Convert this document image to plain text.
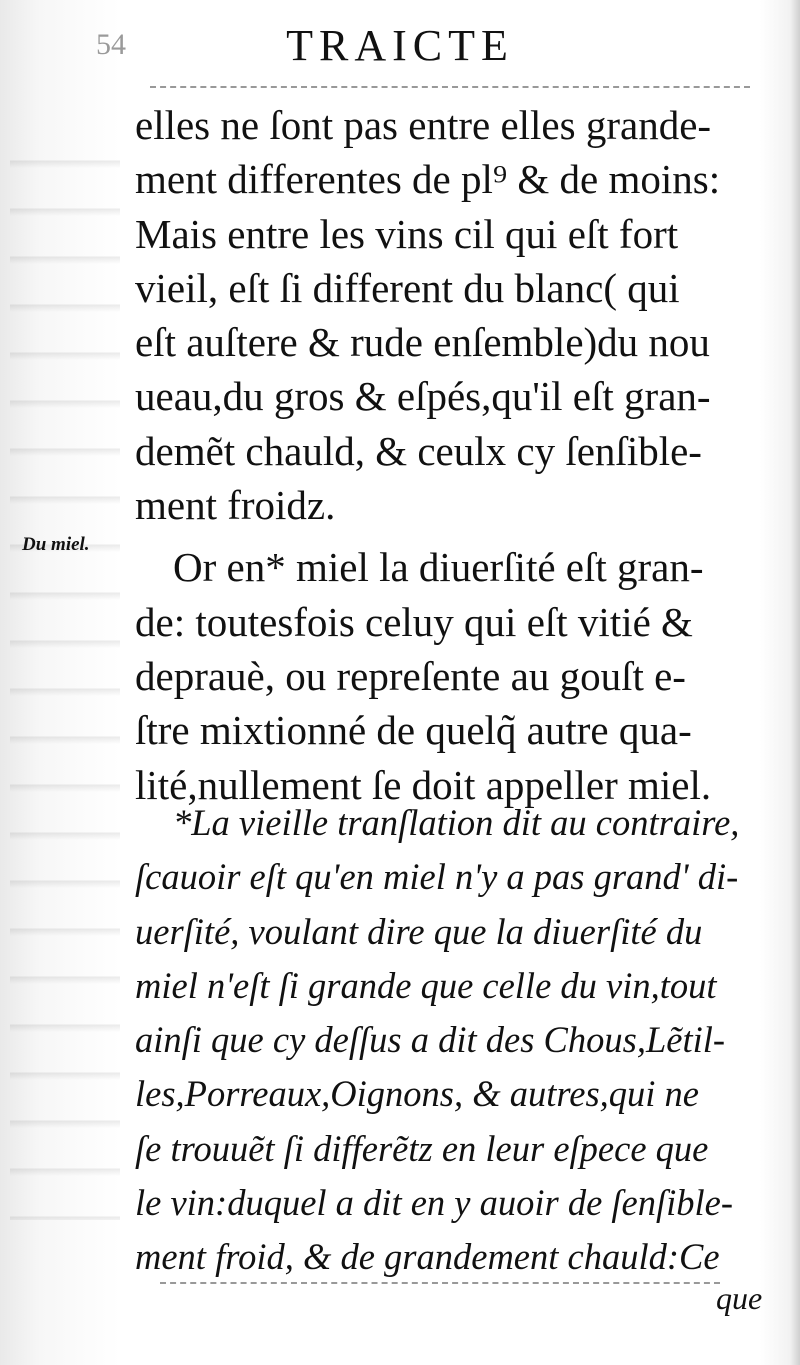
54	TRAICTE
Du miel.
elles ne ſont pas entre elles grande-
ment differentes de pl⁹ & de moins:
Mais entre les vins cil qui eſt fort
vieil, eſt ſi different du blanc( qui
eſt auſtere & rude enſemble)du nou
ueau,du gros & eſpés,qu'il eſt gran-
demẽt chauld, & ceulx cy ſenſible-
ment froidz.
Or en* miel la diuerſité eſt gran-
de: toutesfois celuy qui eſt vitié &
deprauè, ou repreſente au gouſt e-
ſtre mixtionné de quelq̃ autre qua-
lité,nullement ſe doit appeller miel.
*La vieille tranſlation dit au contraire,
ſcauoir eſt qu'en miel n'y a pas grand' di-
uerſité, voulant dire que la diuerſité du
miel n'eſt ſi grande que celle du vin,tout
ainſi que cy deſſus a dit des Chous,Lẽtil-
les,Porreaux,Oignons, & autres,qui ne
ſe trouuẽt ſi differẽtz en leur eſpece que
le vin:duquel a dit en y auoir de ſenſible-
ment froid, & de grandement chauld:Ce
que
